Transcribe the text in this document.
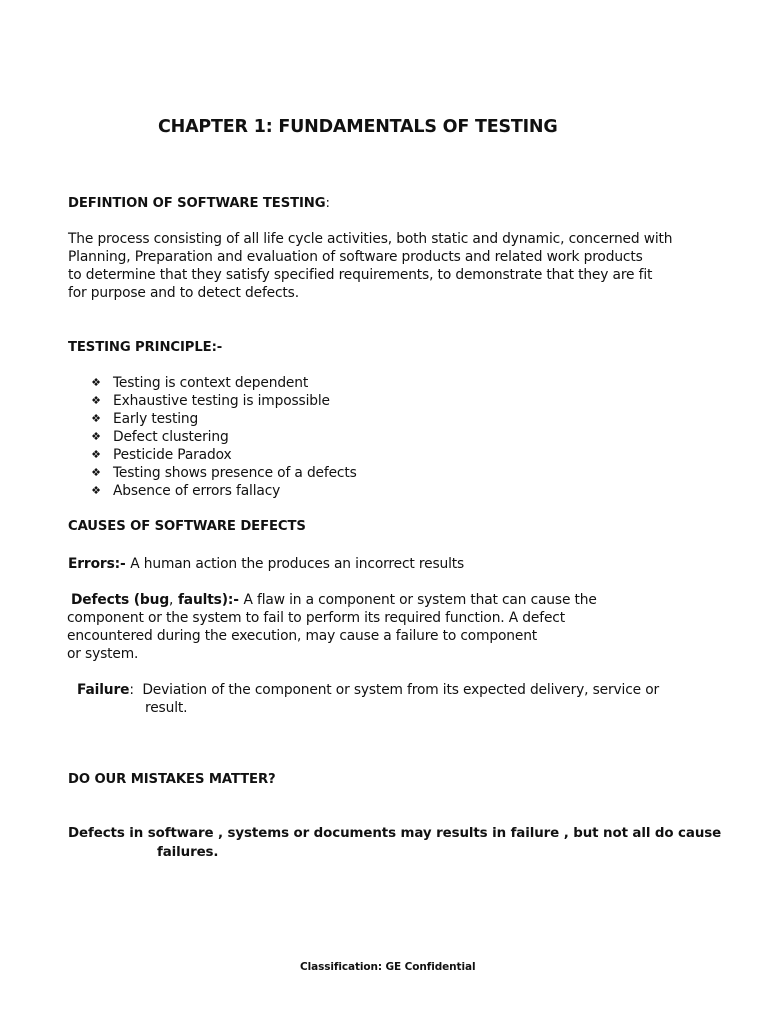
CHAPTER 1: FUNDAMENTALS OF TESTING
DEFINTION OF SOFTWARE TESTING:
The process consisting of all life cycle activities, both static and dynamic, concerned with
Planning, Preparation and evaluation of software products and related work products
to determine that they satisfy specified requirements, to demonstrate that they are fit
for purpose and to detect defects.
TESTING PRINCIPLE:-
❖ Testing is context dependent
❖ Exhaustive testing is impossible
❖ Early testing
❖ Defect clustering
❖ Pesticide Paradox
❖ Testing shows presence of a defects
❖ Absence of errors fallacy
CAUSES OF SOFTWARE DEFECTS
Errors:- A human action the produces an incorrect results
Defects (bug, faults):- A flaw in a component or system that can cause the
component or the system to fail to perform its required function. A defect
encountered during the execution, may cause a failure to component
or system.
Failure:  Deviation of the component or system from its expected delivery, service or
result.
DO OUR MISTAKES MATTER?
Defects in software , systems or documents may results in failure , but not all do cause
failures.
Classification: GE Confidential
